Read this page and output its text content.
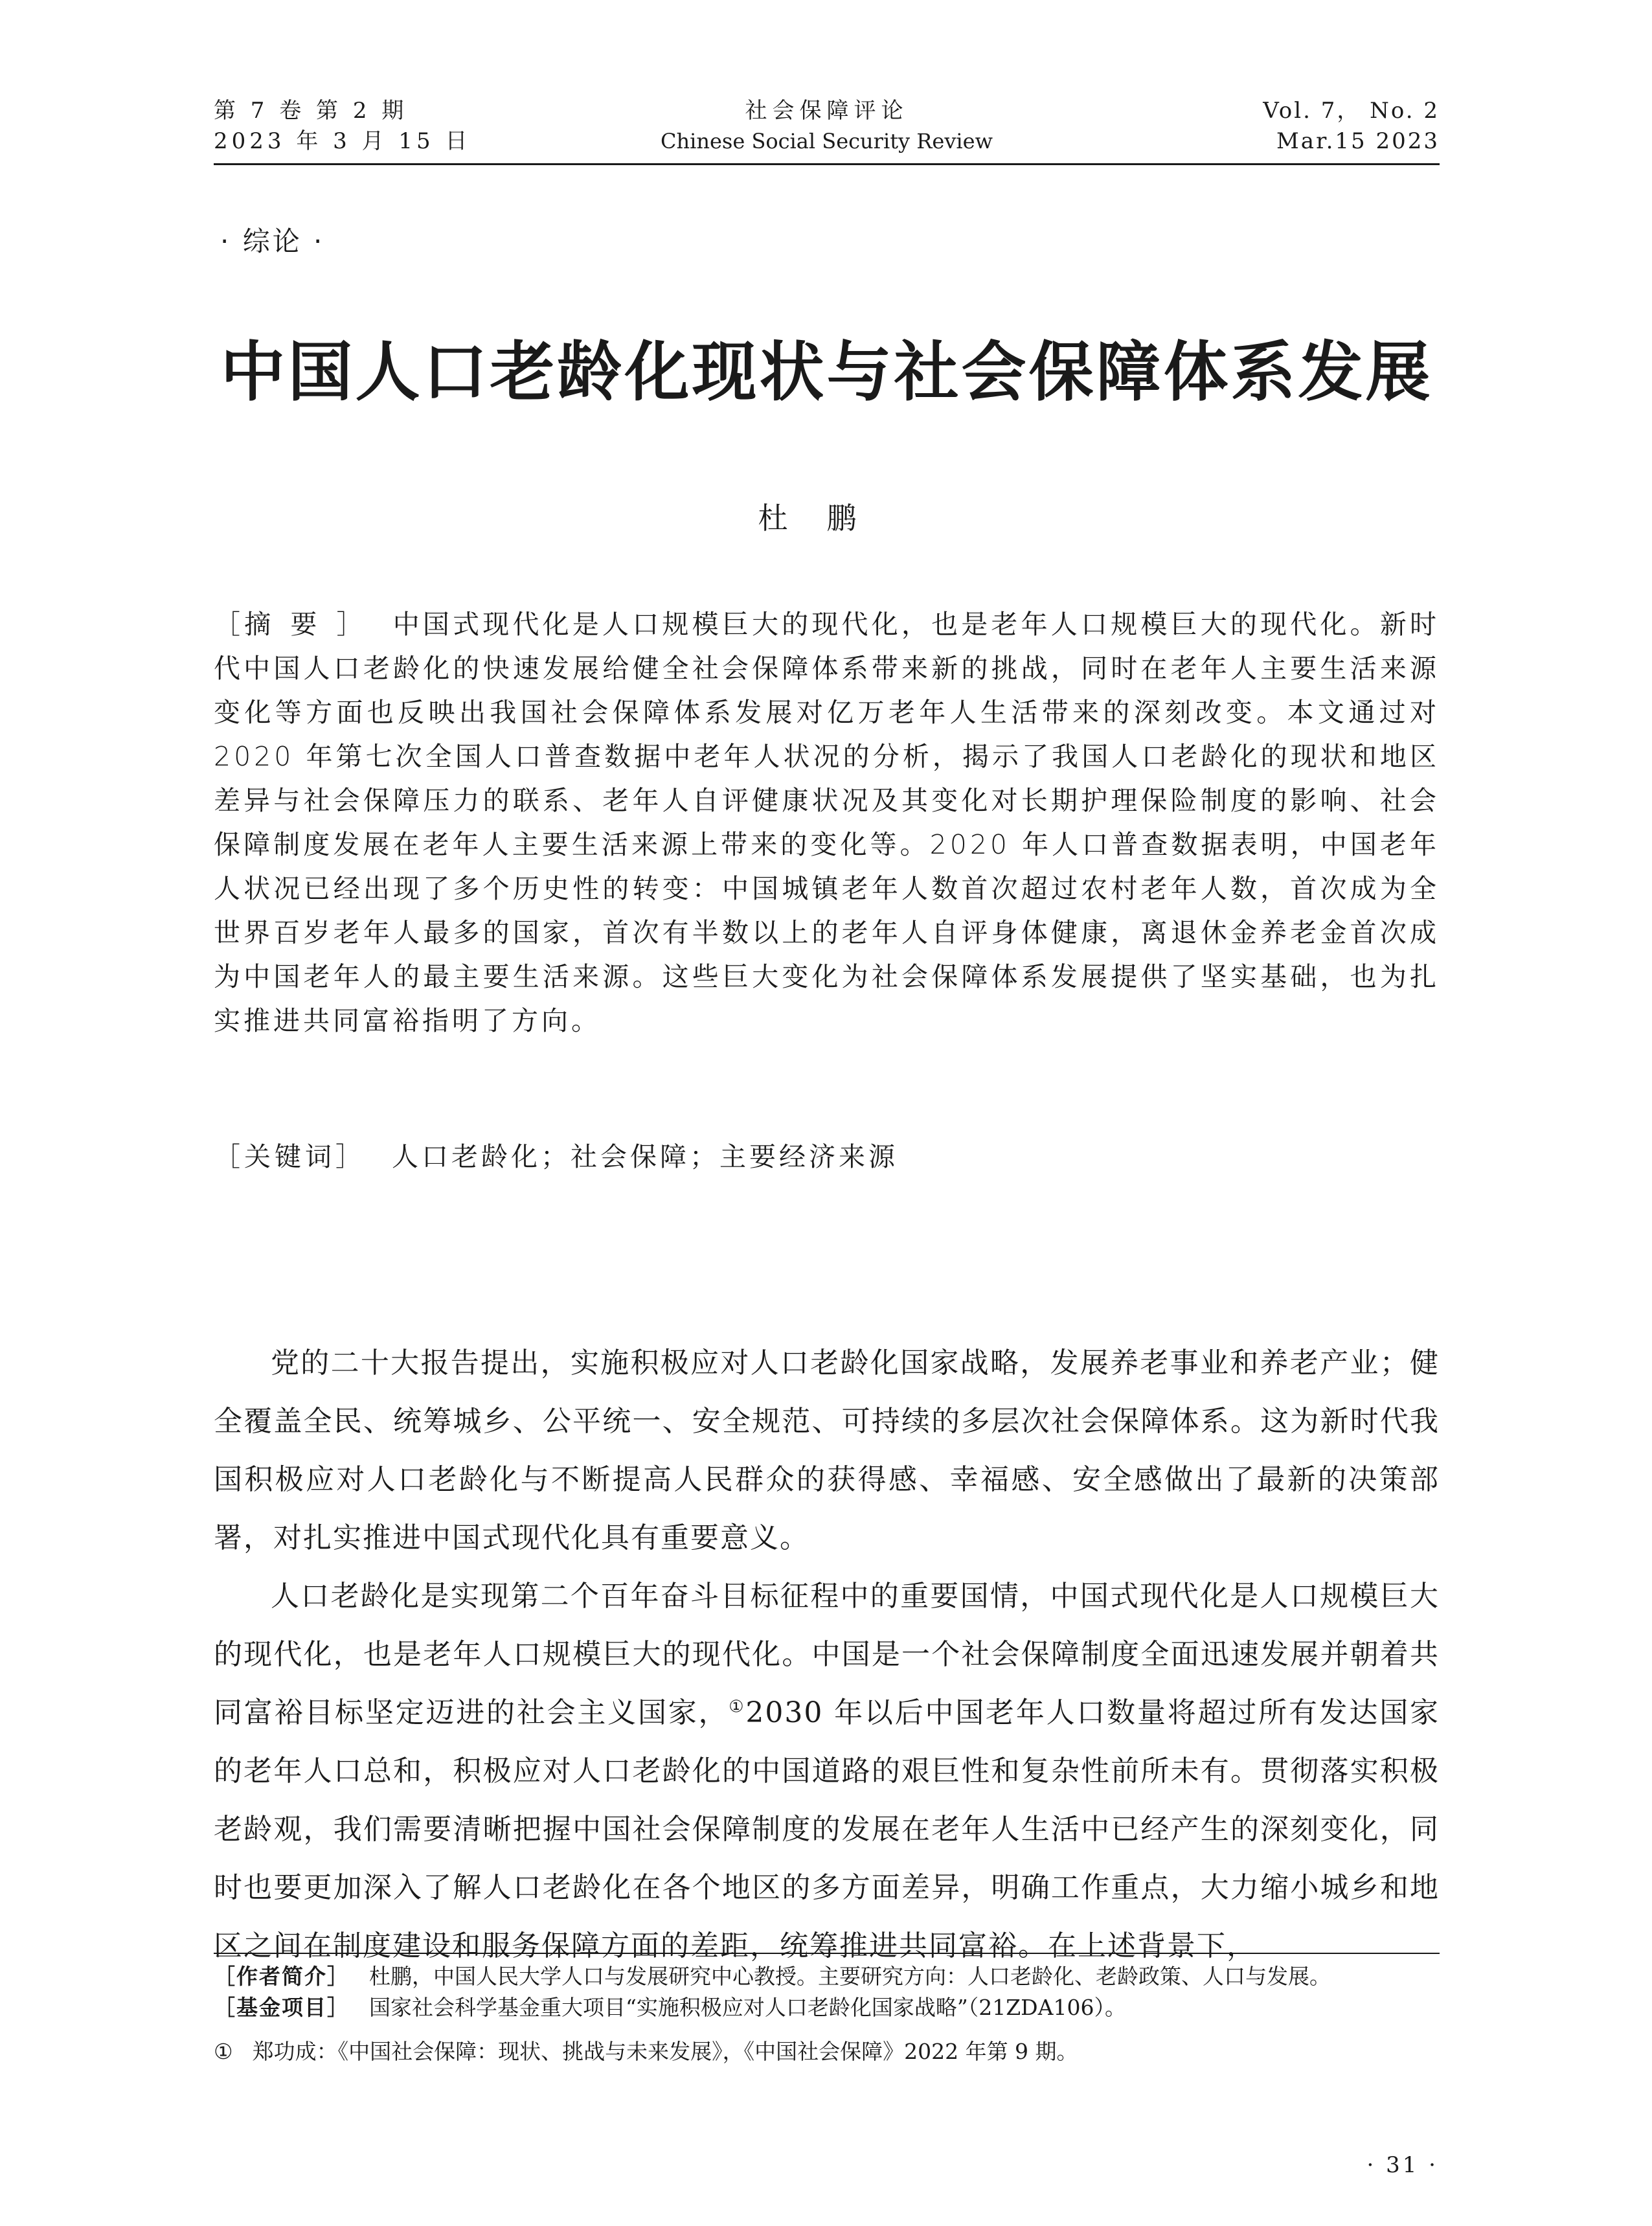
第 7 卷 第 2 期
2023 年 3 月 15 日
社会保障评论
Chinese Social Security Review
Vol. 7， No. 2
Mar.15 2023
· 综论 ·
中国人口老龄化现状与社会保障体系发展
杜鹏
［摘要］ 中国式现代化是人口规模巨大的现代化，也是老年人口规模巨大的现代化。新时代中国人口老龄化的快速发展给健全社会保障体系带来新的挑战，同时在老年人主要生活来源变化等方面也反映出我国社会保障体系发展对亿万老年人生活带来的深刻改变。本文通过对 2020 年第七次全国人口普查数据中老年人状况的分析，揭示了我国人口老龄化的现状和地区差异与社会保障压力的联系、老年人自评健康状况及其变化对长期护理保险制度的影响、社会保障制度发展在老年人主要生活来源上带来的变化等。2020 年人口普查数据表明，中国老年人状况已经出现了多个历史性的转变：中国城镇老年人数首次超过农村老年人数，首次成为全世界百岁老年人最多的国家，首次有半数以上的老年人自评身体健康，离退休金养老金首次成为中国老年人的最主要生活来源。这些巨大变化为社会保障体系发展提供了坚实基础，也为扎实推进共同富裕指明了方向。
［关键词］ 人口老龄化；社会保障；主要经济来源

党的二十大报告提出，实施积极应对人口老龄化国家战略，发展养老事业和养老产业；健全覆盖全民、统筹城乡、公平统一、安全规范、可持续的多层次社会保障体系。这为新时代我国积极应对人口老龄化与不断提高人民群众的获得感、幸福感、安全感做出了最新的决策部署，对扎实推进中国式现代化具有重要意义。

人口老龄化是实现第二个百年奋斗目标征程中的重要国情，中国式现代化是人口规模巨大的现代化，也是老年人口规模巨大的现代化。中国是一个社会保障制度全面迅速发展并朝着共同富裕目标坚定迈进的社会主义国家，①2030 年以后中国老年人口数量将超过所有发达国家的老年人口总和，积极应对人口老龄化的中国道路的艰巨性和复杂性前所未有。贯彻落实积极老龄观，我们需要清晰把握中国社会保障制度的发展在老年人生活中已经产生的深刻变化，同时也要更加深入了解人口老龄化在各个地区的多方面差异，明确工作重点，大力缩小城乡和地区之间在制度建设和服务保障方面的差距，统筹推进共同富裕。在上述背景下，

［作者简介］ 杜鹏，中国人民大学人口与发展研究中心教授。主要研究方向：人口老龄化、老龄政策、人口与发展。
［基金项目］ 国家社会科学基金重大项目“实施积极应对人口老龄化国家战略”（21ZDA106）。
① 郑功成：《中国社会保障：现状、挑战与未来发展》，《中国社会保障》2022 年第 9 期。
· 31 ·
